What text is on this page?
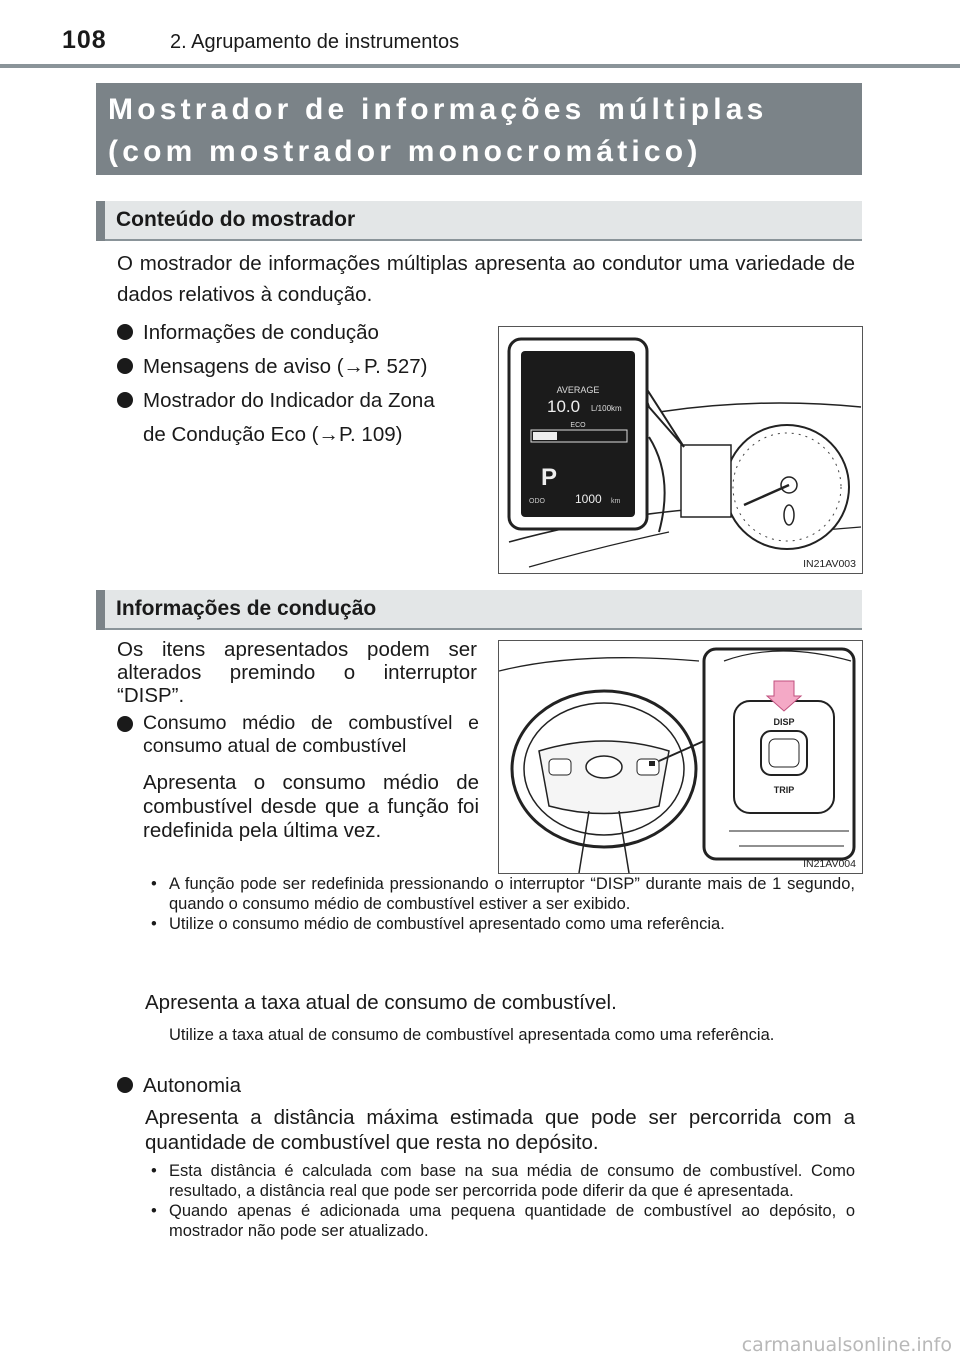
108	2. Agrupamento de instrumentos
Mostrador de informações múltiplas (com mostrador monocromático)
Conteúdo do mostrador
O mostrador de informações múltiplas apresenta ao condutor uma variedade de dados relativos à condução.
Informações de condução
Mensagens de aviso (→P. 527)
Mostrador do Indicador da Zona
de Condução Eco (→P. 109)
AVERAGE
10.0 L/100km
ECO
P
ODO	1000 km
IN21AV003
Informações de condução
Os itens apresentados podem ser alterados premindo o interruptor “DISP”.
Consumo médio de combustível e consumo atual de combustível
Apresenta o consumo médio de combustível desde que a função foi redefinida pela última vez.
DISP
TRIP
IN21AV004
• A função pode ser redefinida pressionando o interruptor “DISP” durante mais de 1 segundo, quando o consumo médio de combustível estiver a ser exibido.
• Utilize o consumo médio de combustível apresentado como uma referência.
Apresenta a taxa atual de consumo de combustível.
Utilize a taxa atual de consumo de combustível apresentada como uma referência.
Autonomia
Apresenta a distância máxima estimada que pode ser percorrida com a quantidade de combustível que resta no depósito.
• Esta distância é calculada com base na sua média de consumo de combustível. Como resultado, a distância real que pode ser percorrida pode diferir da que é apresentada.
• Quando apenas é adicionada uma pequena quantidade de combustível ao depósito, o mostrador não pode ser atualizado.
carmanualsonline.info
